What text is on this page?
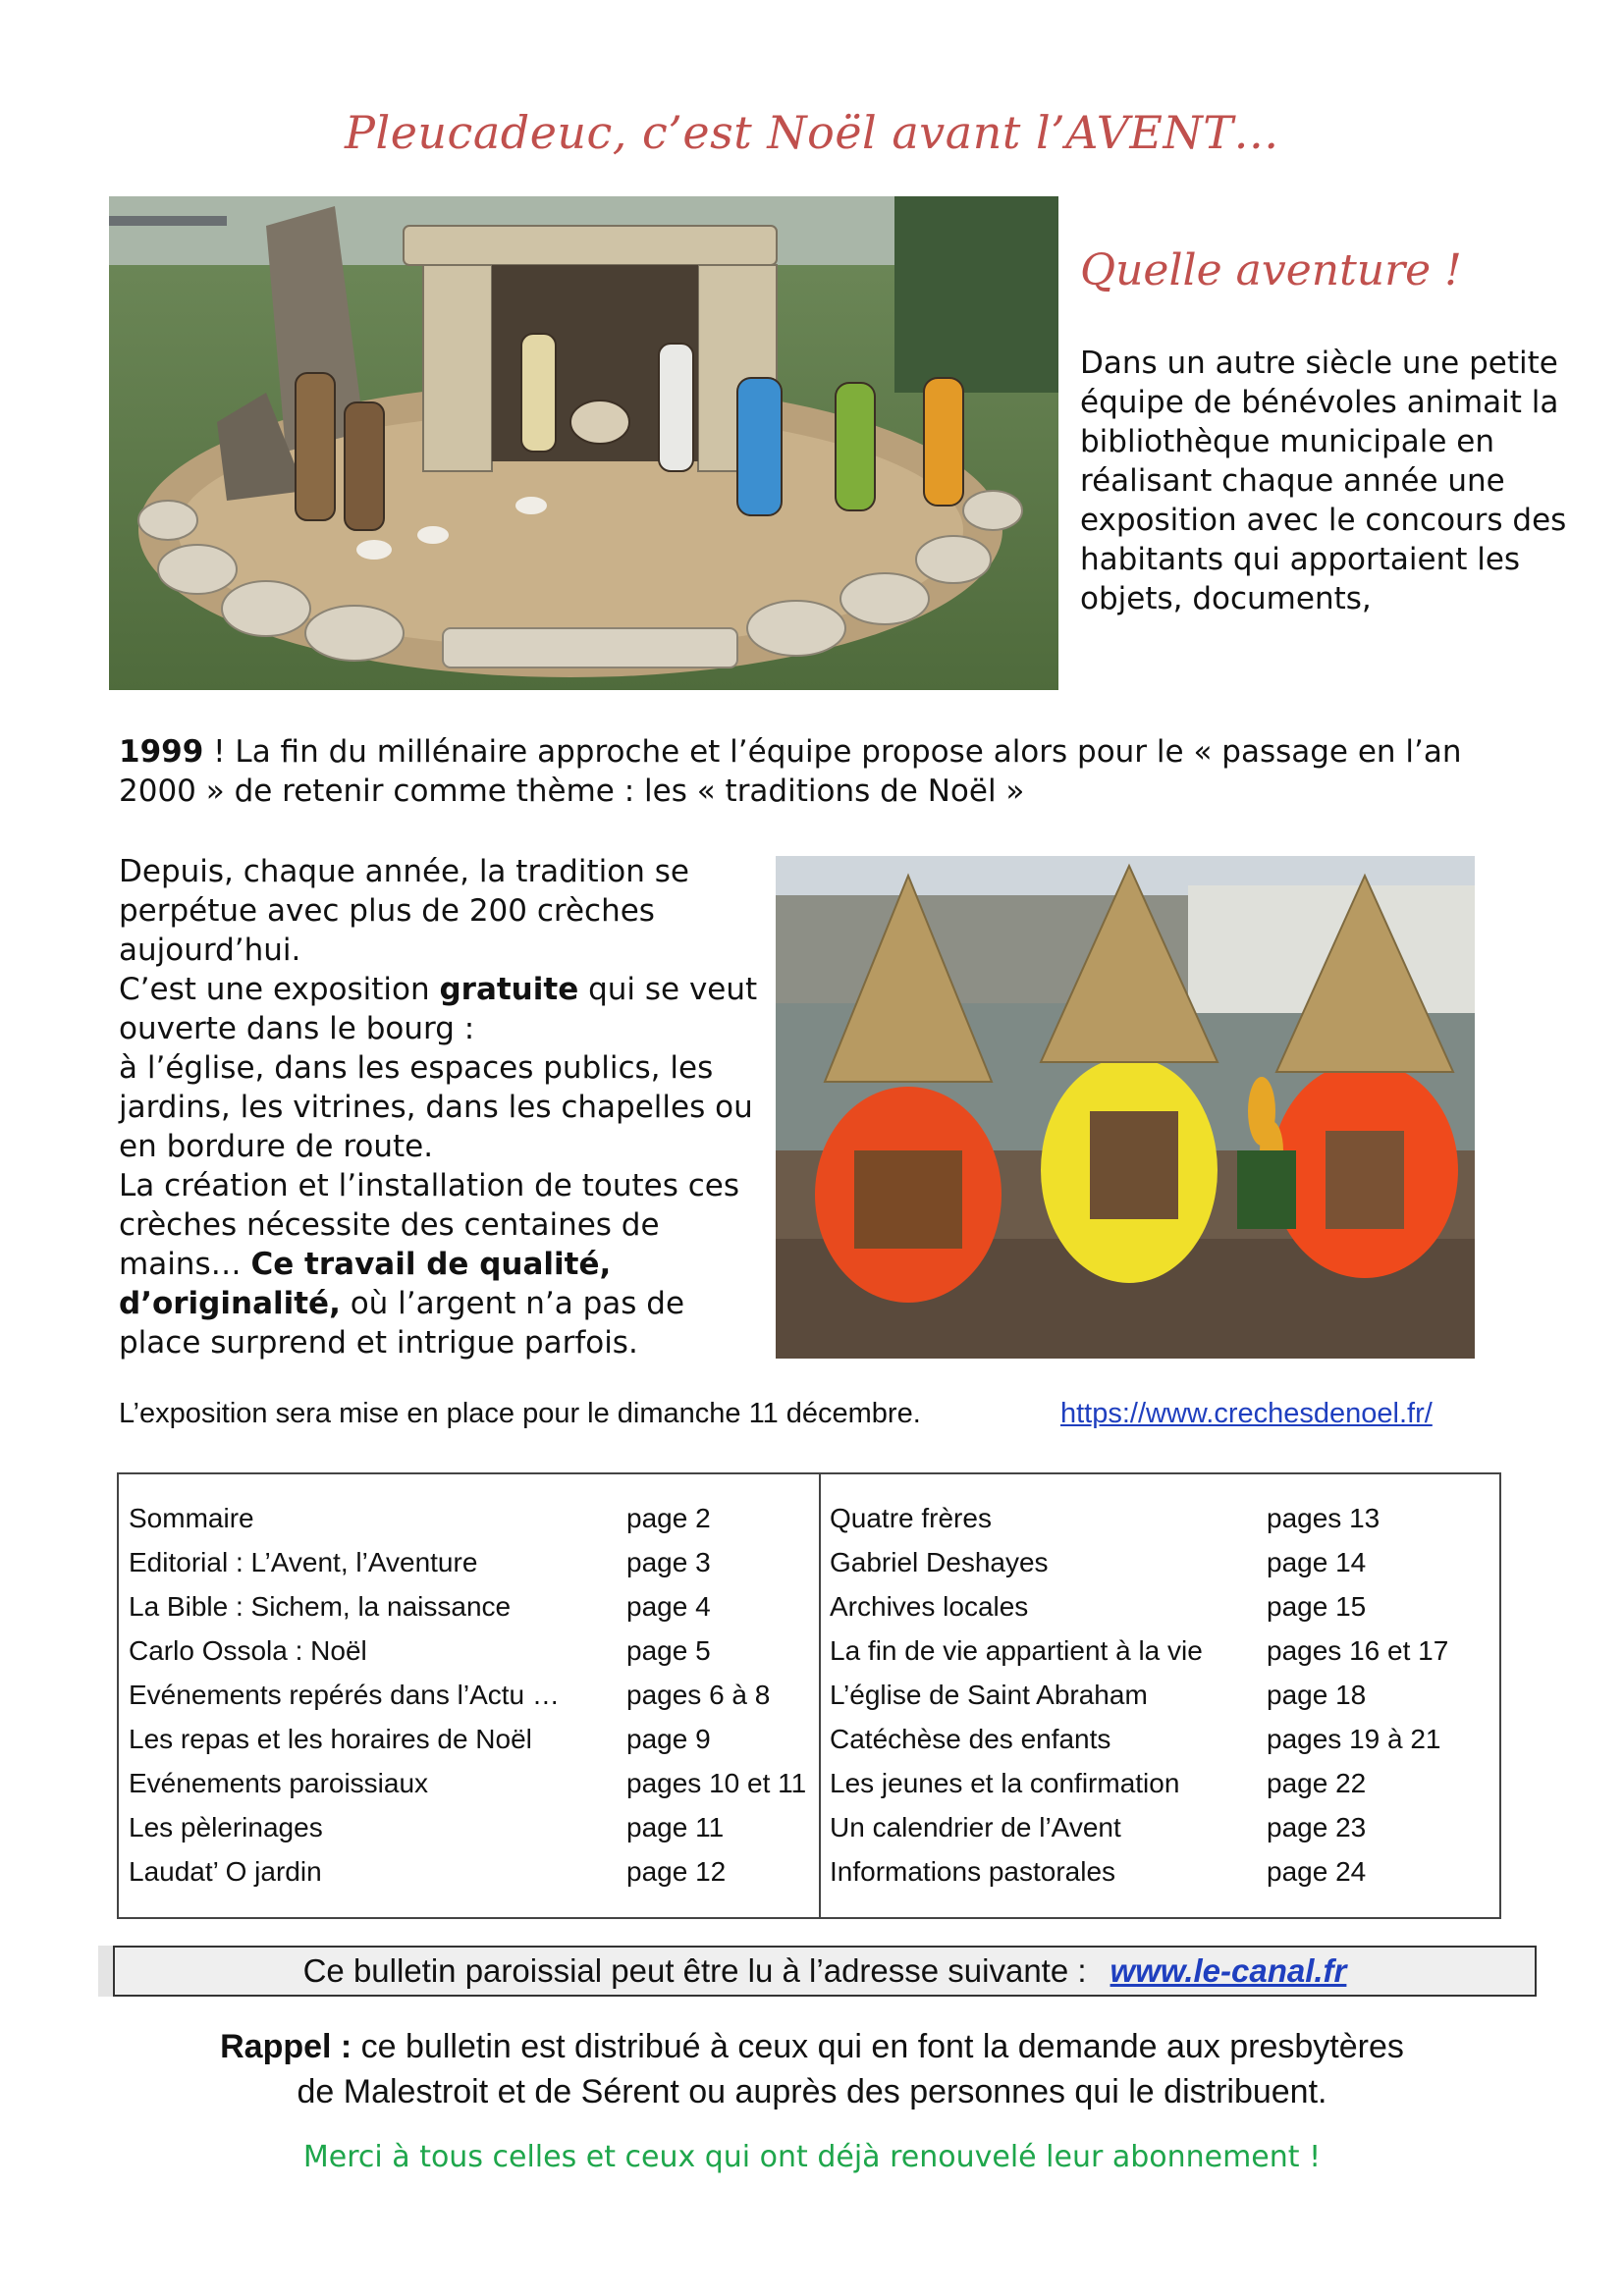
Pleucadeuc, c’est Noël avant l’AVENT…
Quelle aventure !
Dans un autre siècle une petite équipe de bénévoles animait la bibliothèque municipale en réalisant chaque année une exposition avec le concours des habitants qui apportaient les objets, documents,
1999 ! La fin du millénaire approche et l’équipe propose alors pour le « passage en l’an 2000 » de retenir comme thème : les « traditions de Noël »
Depuis, chaque année, la tradition se perpétue avec plus de 200 crèches aujourd’hui.
C’est une exposition gratuite qui se veut ouverte dans le bourg :
à l’église, dans les espaces publics, les jardins, les vitrines, dans les chapelles ou en bordure de route.
La création et l’installation de toutes ces crèches nécessite des centaines de mains… Ce travail de qualité, d’originalité, où l’argent n’a pas de place surprend et intrigue parfois.
L’exposition sera mise en place pour le dimanche 11 décembre.	https://www.crechesdenoel.fr/
Sommaire	page 2
Editorial : L’Avent, l’Aventure	page 3
La Bible : Sichem, la naissance	page 4
Carlo Ossola : Noël	page 5
Evénements repérés dans l’Actu … pages 6 à 8
Les repas et les horaires de Noël	page 9
Evénements paroissiaux	pages 10 et 11
Les pèlerinages	page 11
Laudat’ O jardin	page 12
Quatre frères	pages 13
Gabriel Deshayes	page 14
Archives locales	page 15
La fin de vie appartient à la vie pages 16 et 17
L’église de Saint Abraham	page 18
Catéchèse des enfants	pages 19 à 21
Les jeunes et la confirmation	page 22
Un calendrier de l’Avent	page 23
Informations pastorales	page 24
Ce bulletin paroissial peut être lu à l’adresse suivante : www.le-canal.fr
Rappel : ce bulletin est distribué à ceux qui en font la demande aux presbytères
de Malestroit et de Sérent ou auprès des personnes qui le distribuent.
Merci à tous celles et ceux qui ont déjà renouvelé leur abonnement !
